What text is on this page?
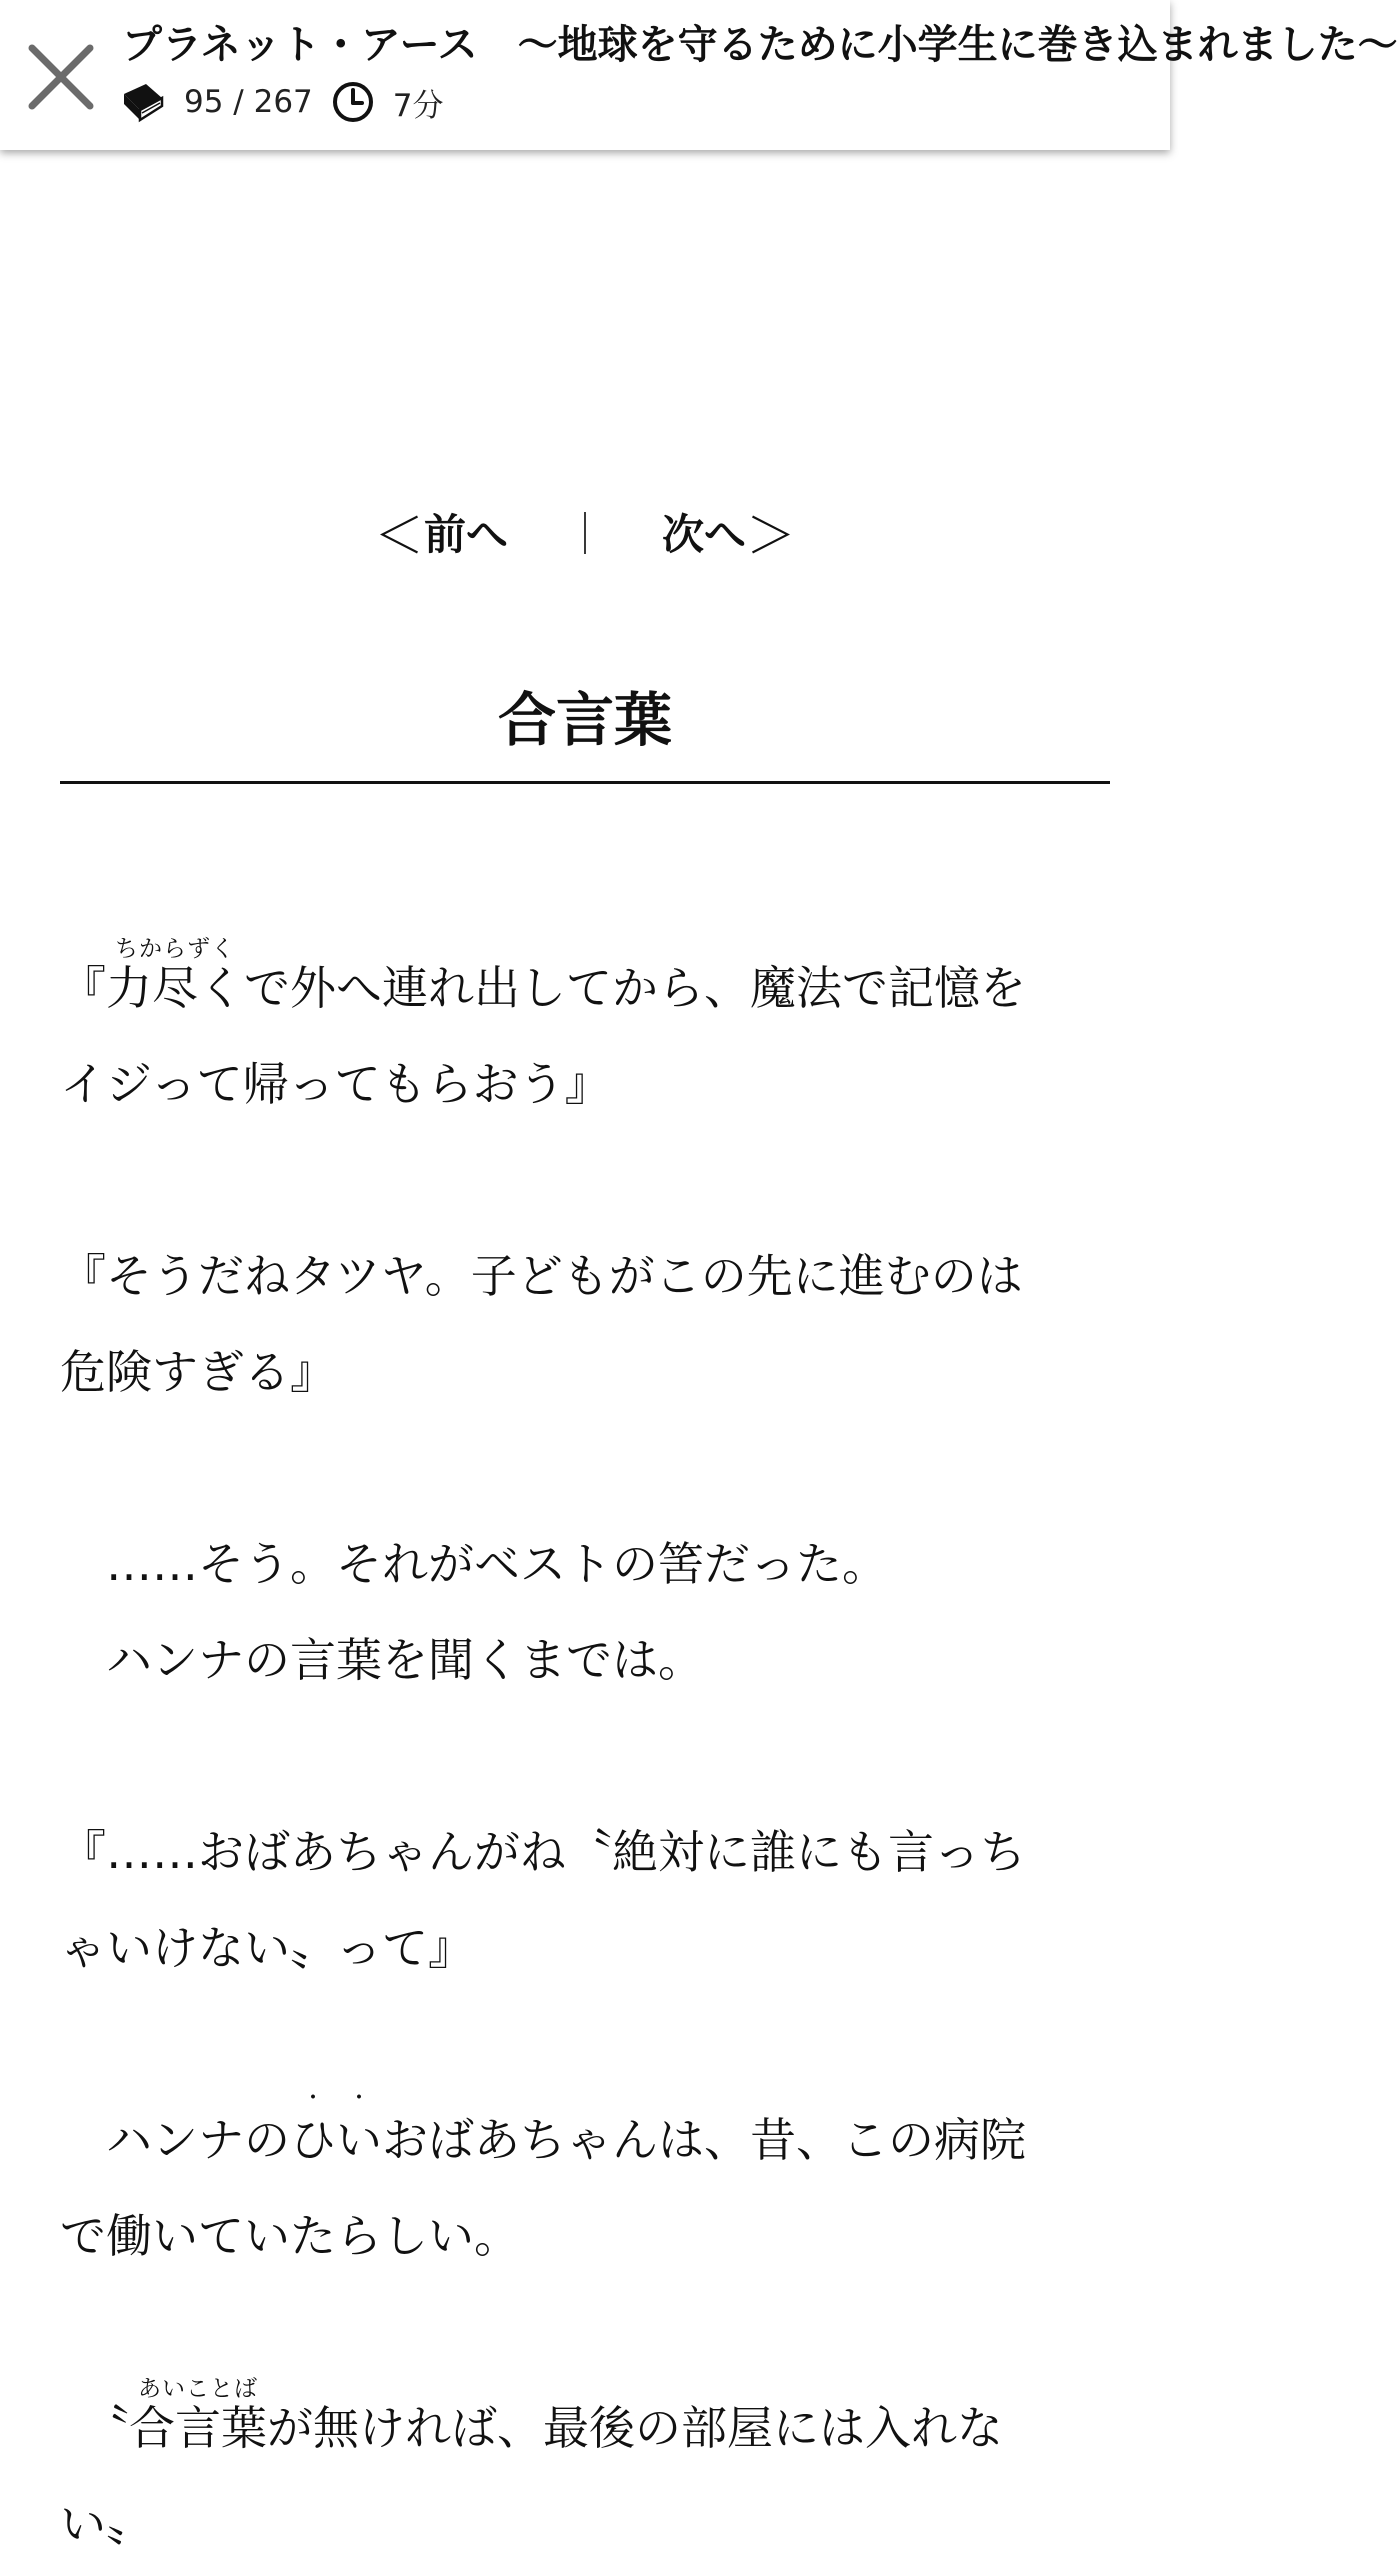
プラネット・アース　～地球を守るために小学生に巻き込まれました～
95 / 267	7分
＜ 前へ ｜ 次へ ＞
合言葉
『
ちからずく
力尽くで外へ連れ出してから、魔法で記憶を
イジって帰ってもらおう』
『そうだねタツヤ。子どもがこの先に進むのは
危険すぎる』
　……そう。それがベストの筈だった。
　ハンナの言葉を聞くまでは。
『……おばあちゃんがね〝絶対に誰にも言っち
ゃいけない〟って』
　ハンナの・ ひ・ いおばあちゃんは、昔、この病院
で働いていたらしい。
　〝
あいことば
合言葉が無ければ、最後の部屋には入れな
い〟
